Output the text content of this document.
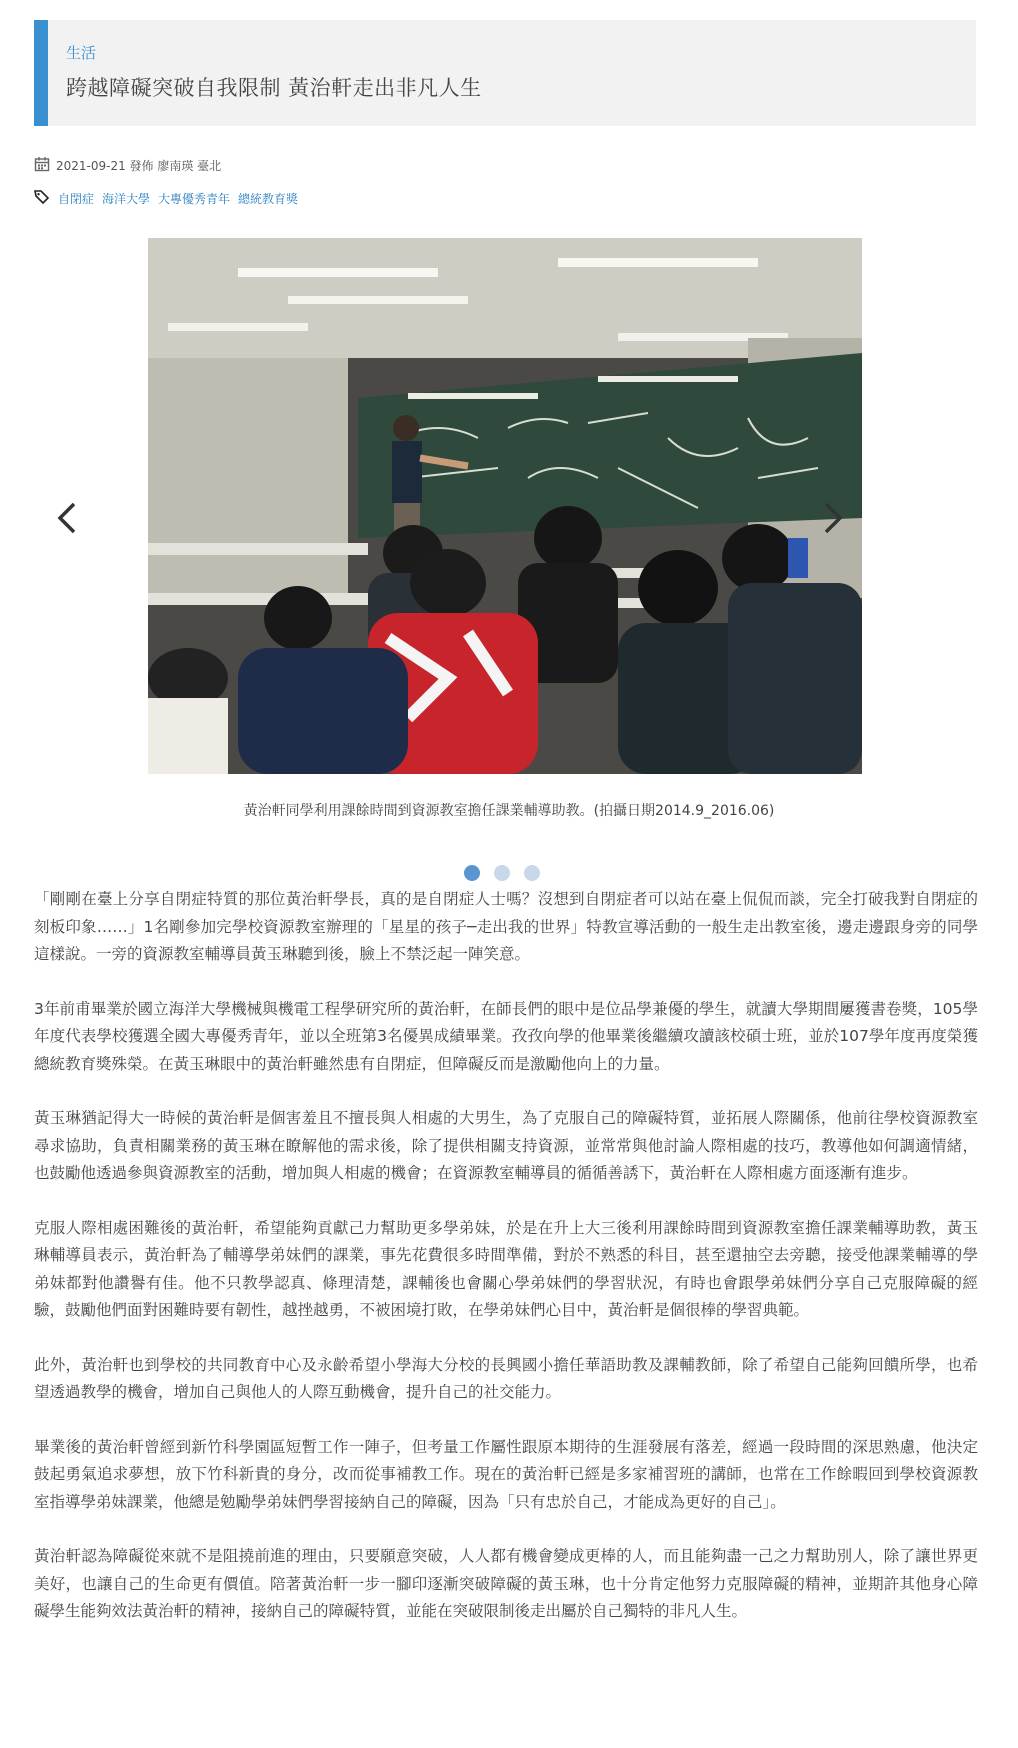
生活
跨越障礙突破自我限制 黃治軒走出非凡人生
2021-09-21 發佈 廖南瑛 臺北
自閉症 海洋大學 大專優秀青年 總統教育獎
黃治軒同學利用課餘時間到資源教室擔任課業輔導助教。(拍攝日期2014.9_2016.06)

「剛剛在臺上分享自閉症特質的那位黃治軒學長，真的是自閉症人士嗎？沒想到自閉症者可以站在臺上侃侃而談，完全打破我對自閉症的刻板印象……」1名剛參加完學校資源教室辦理的「星星的孩子─走出我的世界」特教宣導活動的一般生走出教室後，邊走邊跟身旁的同學這樣說。一旁的資源教室輔導員黃玉琳聽到後，臉上不禁泛起一陣笑意。

3年前甫畢業於國立海洋大學機械與機電工程學研究所的黃治軒，在師長們的眼中是位品學兼優的學生，就讀大學期間屢獲書卷獎，105學年度代表學校獲選全國大專優秀青年，並以全班第3名優異成績畢業。孜孜向學的他畢業後繼續攻讀該校碩士班，並於107學年度再度榮獲總統教育獎殊榮。在黃玉琳眼中的黃治軒雖然患有自閉症，但障礙反而是激勵他向上的力量。

黃玉琳猶記得大一時候的黃治軒是個害羞且不擅長與人相處的大男生，為了克服自己的障礙特質，並拓展人際關係，他前往學校資源教室尋求協助，負責相關業務的黃玉琳在瞭解他的需求後，除了提供相關支持資源，並常常與他討論人際相處的技巧，教導他如何調適情緒，也鼓勵他透過參與資源教室的活動，增加與人相處的機會；在資源教室輔導員的循循善誘下，黃治軒在人際相處方面逐漸有進步。

克服人際相處困難後的黃治軒，希望能夠貢獻己力幫助更多學弟妹，於是在升上大三後利用課餘時間到資源教室擔任課業輔導助教，黃玉琳輔導員表示，黃治軒為了輔導學弟妹們的課業，事先花費很多時間準備，對於不熟悉的科目，甚至還抽空去旁聽，接受他課業輔導的學弟妹都對他讚譽有佳。他不只教學認真、條理清楚，課輔後也會關心學弟妹們的學習狀況，有時也會跟學弟妹們分享自己克服障礙的經驗，鼓勵他們面對困難時要有韌性，越挫越勇，不被困境打敗，在學弟妹們心目中，黃治軒是個很棒的學習典範。

此外，黃治軒也到學校的共同教育中心及永齡希望小學海大分校的長興國小擔任華語助教及課輔教師，除了希望自己能夠回饋所學，也希望透過教學的機會，增加自己與他人的人際互動機會，提升自己的社交能力。

畢業後的黃治軒曾經到新竹科學園區短暫工作一陣子，但考量工作屬性跟原本期待的生涯發展有落差，經過一段時間的深思熟慮，他決定鼓起勇氣追求夢想，放下竹科新貴的身分，改而從事補教工作。現在的黃治軒已經是多家補習班的講師，也常在工作餘暇回到學校資源教室指導學弟妹課業，他總是勉勵學弟妹們學習接納自己的障礙，因為「只有忠於自己，才能成為更好的自己」。

黃治軒認為障礙從來就不是阻撓前進的理由，只要願意突破，人人都有機會變成更棒的人，而且能夠盡一己之力幫助別人，除了讓世界更美好，也讓自己的生命更有價值。陪著黃治軒一步一腳印逐漸突破障礙的黃玉琳，也十分肯定他努力克服障礙的精神，並期許其他身心障礙學生能夠效法黃治軒的精神，接納自己的障礙特質，並能在突破限制後走出屬於自己獨特的非凡人生。
